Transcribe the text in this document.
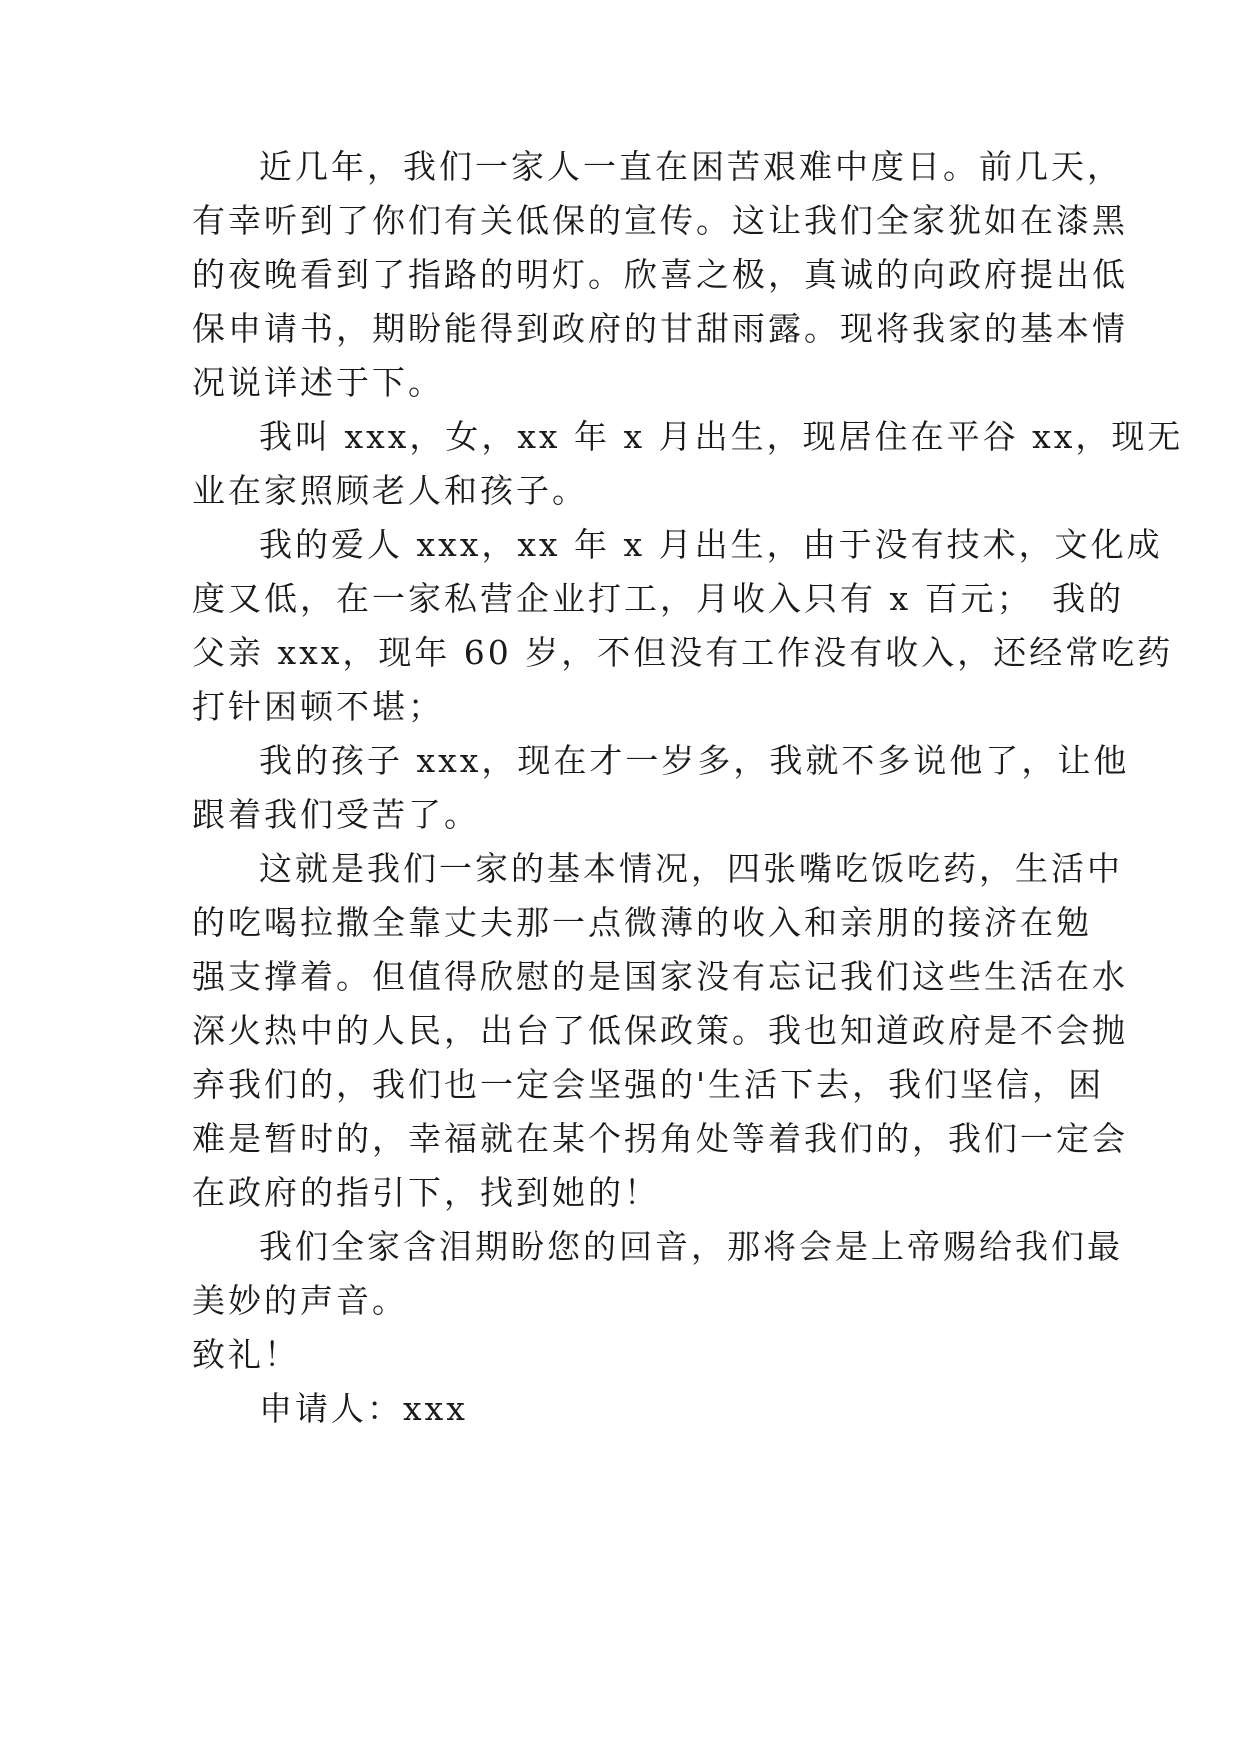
近几年，我们一家人一直在困苦艰难中度日。前几天，

有幸听到了你们有关低保的宣传。这让我们全家犹如在漆黑

的夜晚看到了指路的明灯。欣喜之极，真诚的向政府提出低

保申请书，期盼能得到政府的甘甜雨露。现将我家的基本情

况说详述于下。

我叫 xxx，女，xx 年 x 月出生，现居住在平谷 xx，现无

业在家照顾老人和孩子。

我的爱人 xxx，xx 年 x 月出生，由于没有技术，文化成

度又低，在一家私营企业打工，月收入只有 x 百元；　我的

父亲 xxx，现年 60 岁，不但没有工作没有收入，还经常吃药

打针困顿不堪；

我的孩子 xxx，现在才一岁多，我就不多说他了，让他

跟着我们受苦了。

这就是我们一家的基本情况，四张嘴吃饭吃药，生活中

的吃喝拉撒全靠丈夫那一点微薄的收入和亲朋的接济在勉

强支撑着。但值得欣慰的是国家没有忘记我们这些生活在水

深火热中的人民，出台了低保政策。我也知道政府是不会抛

弃我们的，我们也一定会坚强的'生活下去，我们坚信，困

难是暂时的，幸福就在某个拐角处等着我们的，我们一定会

在政府的指引下，找到她的！

我们全家含泪期盼您的回音，那将会是上帝赐给我们最

美妙的声音。

致礼！

申请人：xxx
